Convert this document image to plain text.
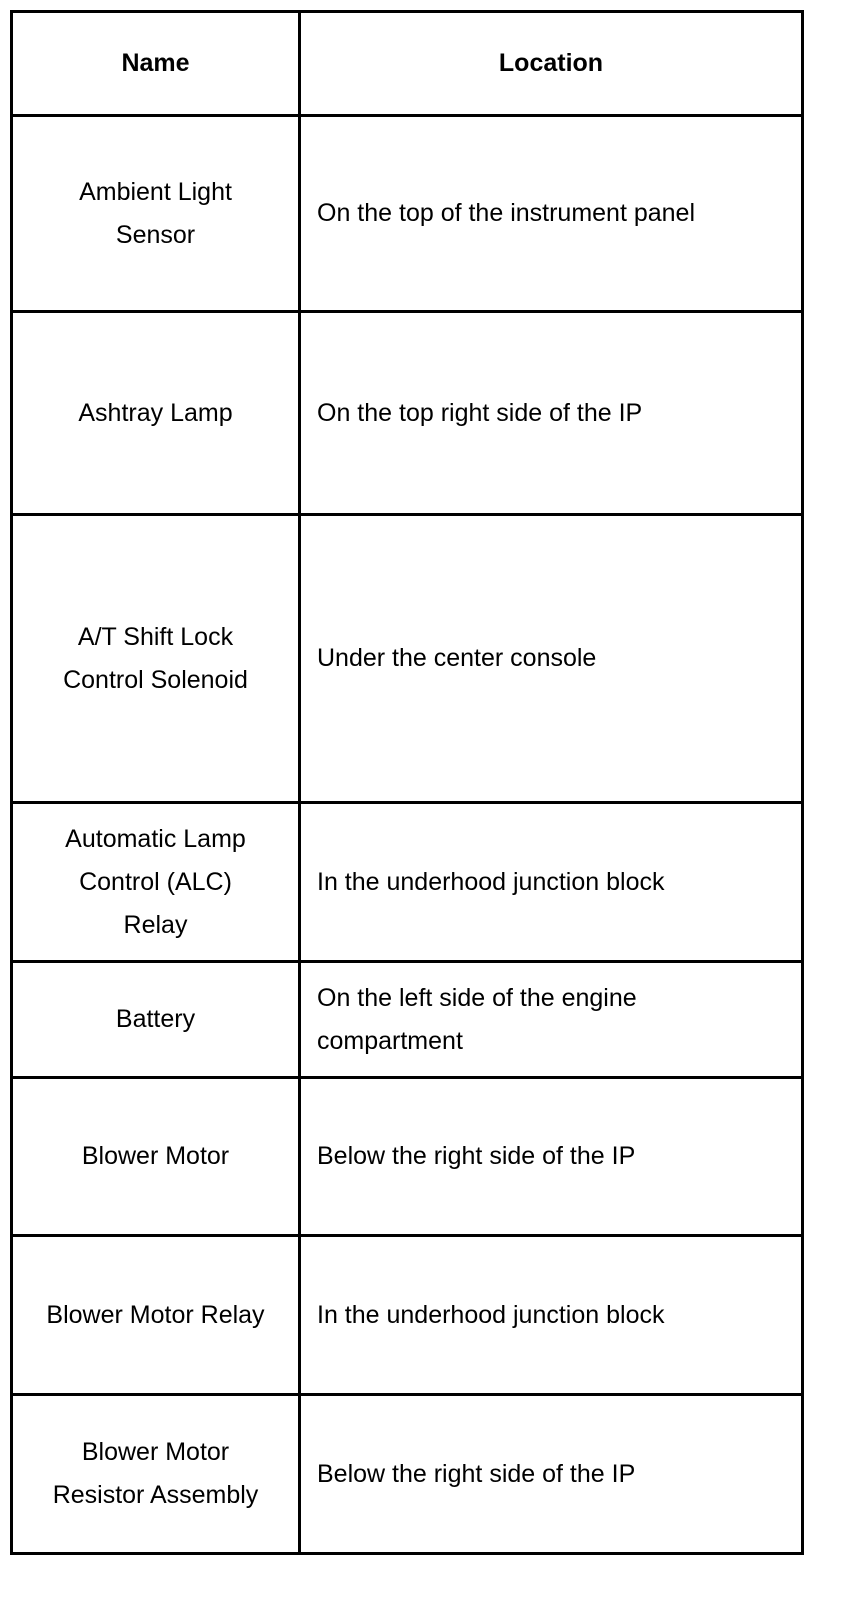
Name	Location

Ambient Light
Sensor	On the top of the instrument panel

Ashtray Lamp	On the top right side of the IP

A/T Shift Lock
Control Solenoid	Under the center console

Automatic Lamp
Control (ALC)
Relay	In the underhood junction block

Battery	On the left side of the engine
compartment

Blower Motor	Below the right side of the IP

Blower Motor Relay	In the underhood junction block

Blower Motor
Resistor Assembly	Below the right side of the IP
